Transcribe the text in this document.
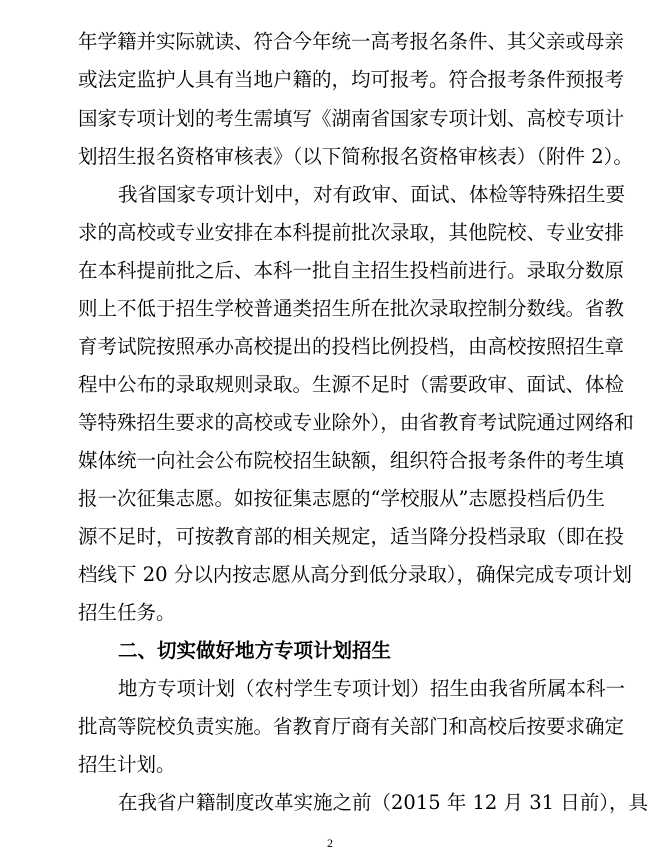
年学籍并实际就读、符合今年统一高考报名条件、其父亲或母亲
或法定监护人具有当地户籍的，均可报考。符合报考条件预报考
国家专项计划的考生需填写《湖南省国家专项计划、高校专项计
划招生报名资格审核表》（以下简称报名资格审核表）（附件 2）。
我省国家专项计划中，对有政审、面试、体检等特殊招生要
求的高校或专业安排在本科提前批次录取，其他院校、专业安排
在本科提前批之后、本科一批自主招生投档前进行。录取分数原
则上不低于招生学校普通类招生所在批次录取控制分数线。省教
育考试院按照承办高校提出的投档比例投档，由高校按照招生章
程中公布的录取规则录取。生源不足时（需要政审、面试、体检
等特殊招生要求的高校或专业除外），由省教育考试院通过网络和
媒体统一向社会公布院校招生缺额，组织符合报考条件的考生填
报一次征集志愿。如按征集志愿的“学校服从”志愿投档后仍生
源不足时，可按教育部的相关规定，适当降分投档录取（即在投
档线下 20 分以内按志愿从高分到低分录取），确保完成专项计划
招生任务。
二、切实做好地方专项计划招生
地方专项计划（农村学生专项计划）招生由我省所属本科一
批高等院校负责实施。省教育厅商有关部门和高校后按要求确定
招生计划。
在我省户籍制度改革实施之前（2015 年 12 月 31 日前），具
2
